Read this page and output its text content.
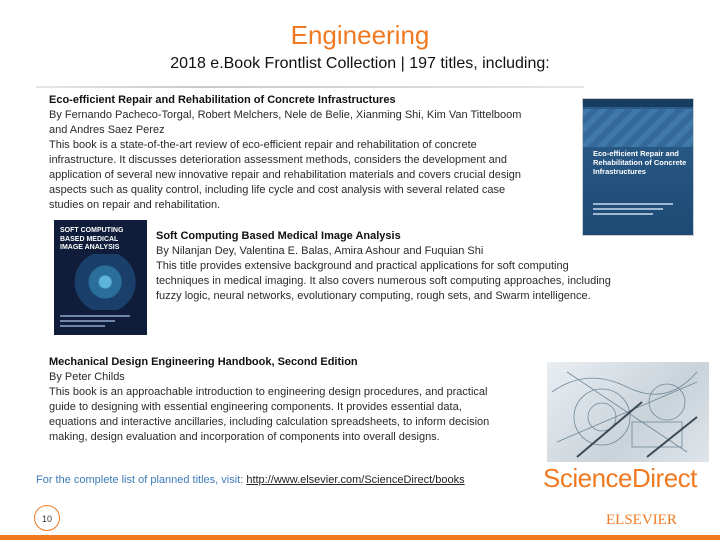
Engineering
2018 e.Book Frontlist Collection | 197 titles, including:

Eco-efficient Repair and Rehabilitation of Concrete Infrastructures

By Fernando Pacheco-Torgal, Robert Melchers, Nele de Belie, Xianming Shi, Kim Van Tittelboom and Andres Saez Perez

This book is a state-of-the-art review of eco-efficient repair and rehabilitation of concrete infrastructure. It discusses deterioration assessment methods, considers the development and application of several new innovative repair and rehabilitation materials and covers crucial design aspects such as quality control, including life cycle and cost analysis with several related case studies on repair and rehabilitation.

Eco-efficient Repair and Rehabilitation of Concrete Infrastructures
SOFT COMPUTING BASED MEDICAL IMAGE ANALYSIS

Soft Computing Based Medical Image Analysis

By Nilanjan Dey, Valentina E. Balas, Amira Ashour and Fuquian Shi

This title provides extensive background and practical applications for soft computing techniques in medical imaging. It also covers numerous soft computing approaches, including fuzzy logic, neural networks, evolutionary computing, rough sets, and Swarm intelligence.

Mechanical Design Engineering Handbook, Second Edition

By Peter Childs

This book is an approachable introduction to engineering design procedures, and practical guide to designing with essential engineering components. It provides essential data, equations and interactive ancillaries, including calculation spreadsheets, to inform decision making, design evaluation and incorporation of components into overall designs.

For the complete list of planned titles, visit: http://www.elsevier.com/ScienceDirect/books	ScienceDirect
ELSEVIER
10
